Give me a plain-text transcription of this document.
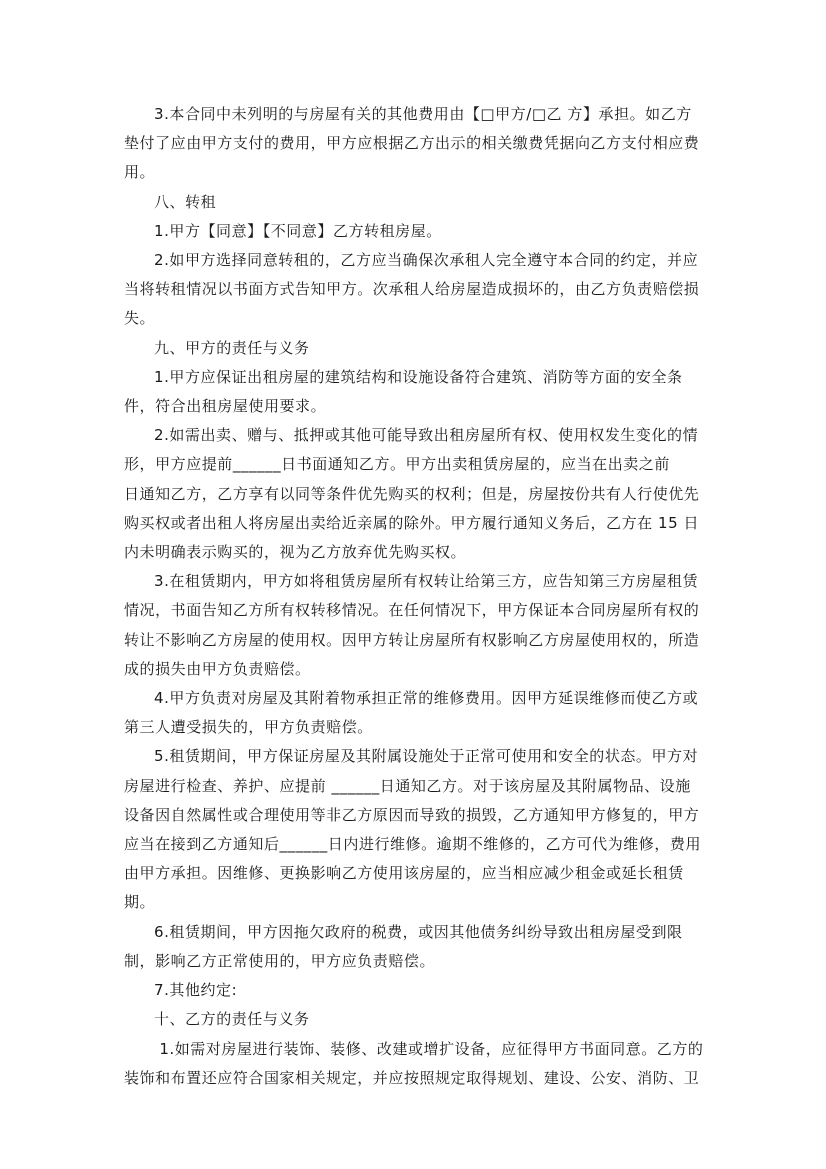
3.本合同中未列明的与房屋有关的其他费用由【□甲方/□乙 方】承担。如乙方垫付了应由甲方支付的费用，甲方应根据乙方出示的相关缴费凭据向乙方支付相应费用。

八、转租

1.甲方【同意】【不同意】乙方转租房屋。

2.如甲方选择同意转租的，乙方应当确保次承租人完全遵守本合同的约定，并应当将转租情况以书面方式告知甲方。次承租人给房屋造成损坏的，由乙方负责赔偿损失。

九、甲方的责任与义务

1.甲方应保证出租房屋的建筑结构和设施设备符合建筑、消防等方面的安全条件，符合出租房屋使用要求。

2.如需出卖、赠与、抵押或其他可能导致出租房屋所有权、使用权发生变化的情形，甲方应提前______日书面通知乙方。甲方出卖租赁房屋的，应当在出卖之前

日通知乙方，乙方享有以同等条件优先购买的权利；但是，房屋按份共有人行使优先购买权或者出租人将房屋出卖给近亲属的除外。甲方履行通知义务后，乙方在 15 日内未明确表示购买的，视为乙方放弃优先购买权。

3.在租赁期内，甲方如将租赁房屋所有权转让给第三方，应告知第三方房屋租赁情况，书面告知乙方所有权转移情况。在任何情况下，甲方保证本合同房屋所有权的转让不影响乙方房屋的使用权。因甲方转让房屋所有权影响乙方房屋使用权的，所造成的损失由甲方负责赔偿。

4.甲方负责对房屋及其附着物承担正常的维修费用。因甲方延误维修而使乙方或第三人遭受损失的，甲方负责赔偿。

5.租赁期间，甲方保证房屋及其附属设施处于正常可使用和安全的状态。甲方对房屋进行检查、养护、应提前 ______日通知乙方。对于该房屋及其附属物品、设施设备因自然属性或合理使用等非乙方原因而导致的损毁，乙方通知甲方修复的，甲方应当在接到乙方通知后______日内进行维修。逾期不维修的，乙方可代为维修，费用由甲方承担。因维修、更换影响乙方使用该房屋的，应当相应减少租金或延长租赁期。

6.租赁期间，甲方因拖欠政府的税费，或因其他债务纠纷导致出租房屋受到限制，影响乙方正常使用的，甲方应负责赔偿。

7.其他约定:

十、乙方的责任与义务

1.如需对房屋进行装饰、装修、改建或增扩设备，应征得甲方书面同意。乙方的装饰和布置还应符合国家相关规定，并应按照规定取得规划、建设、公安、消防、卫
